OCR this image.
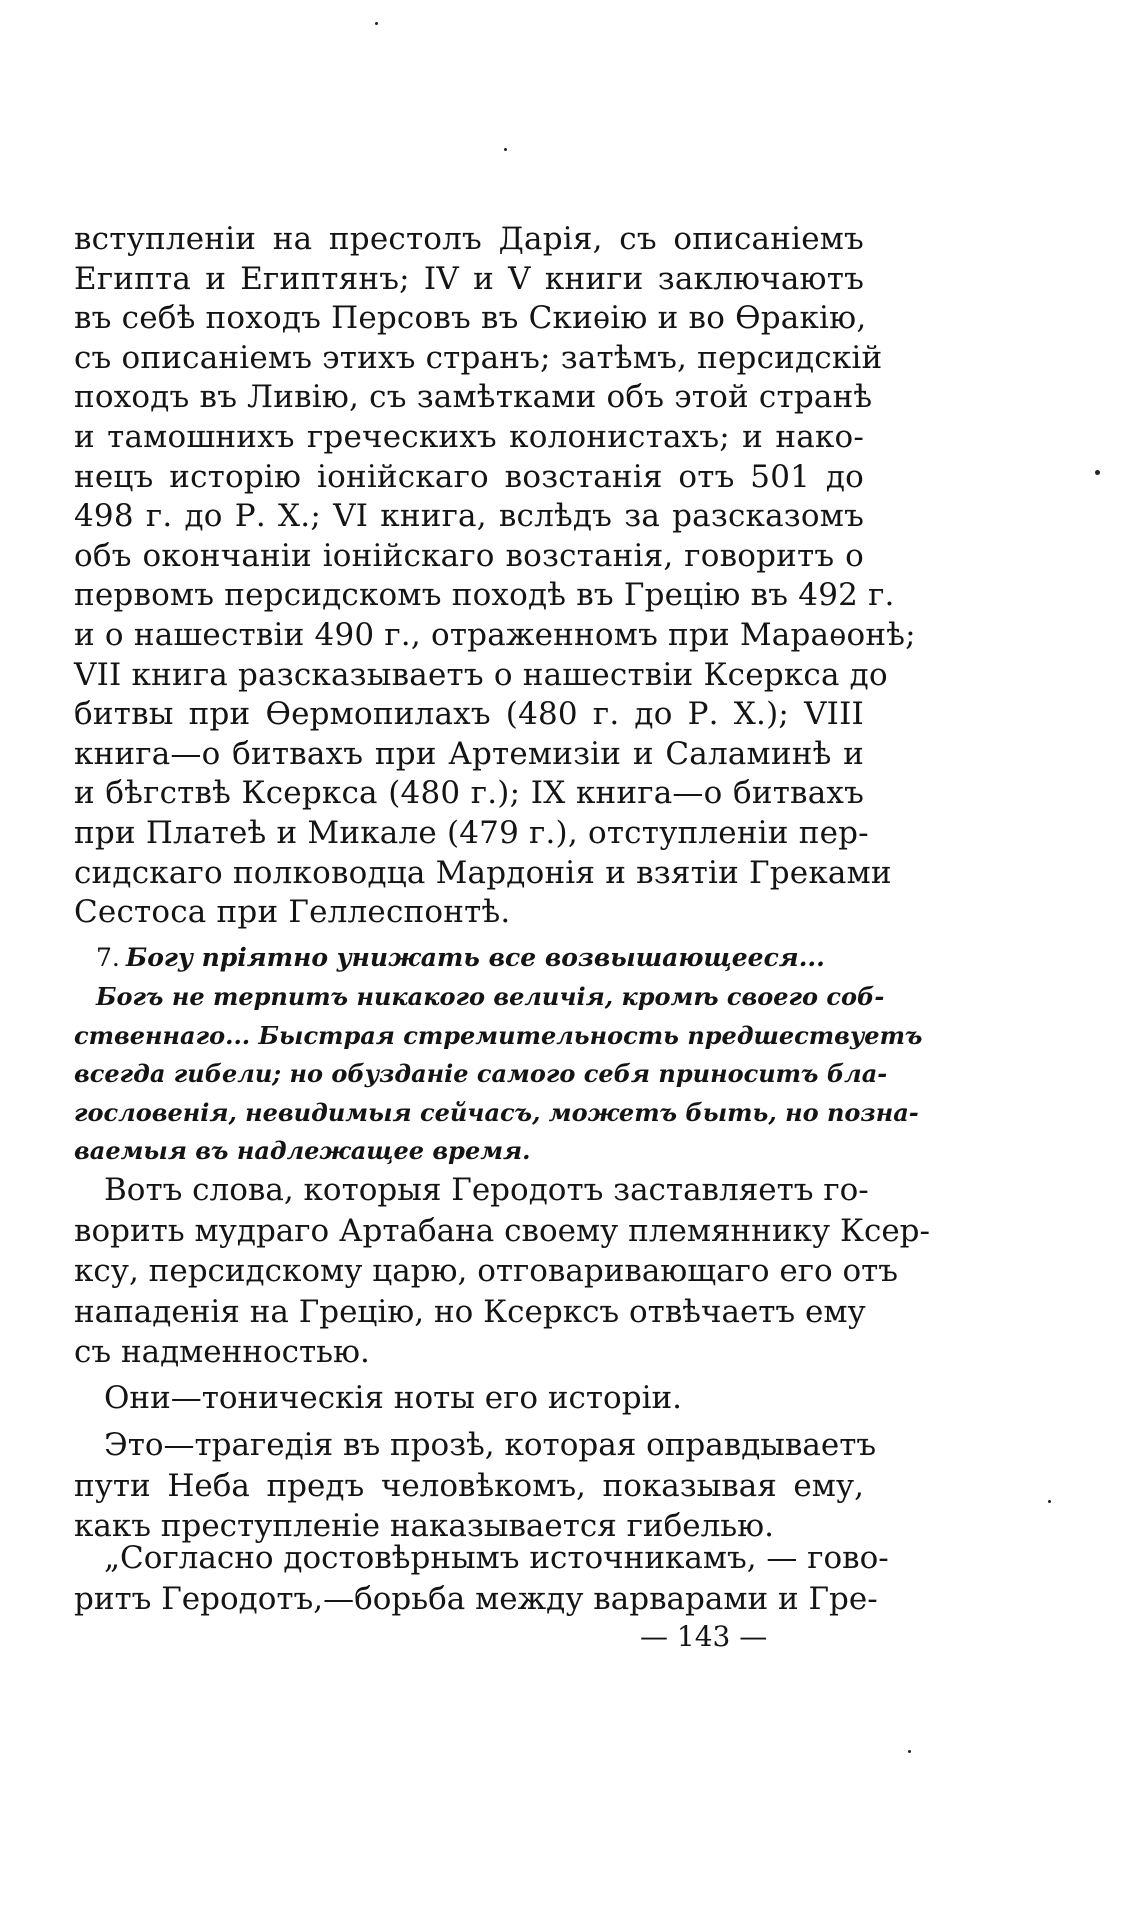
вступленіи на престолъ Дарія, съ описаніемъ
Египта и Египтянъ; IV и V книги заключаютъ
въ себѣ походъ Персовъ въ Скиѳію и во Ѳракію,
съ описаніемъ этихъ странъ; затѣмъ, персидскій
походъ въ Ливію, съ замѣтками объ этой странѣ
и тамошнихъ греческихъ колонистахъ; и нако-
нецъ исторію іонійскаго возстанія отъ 501 до
498 г. до Р. Х.; VI книга, вслѣдъ за разсказомъ
объ окончаніи іонійскаго возстанія, говоритъ о
первомъ персидскомъ походѣ въ Грецію въ 492 г.
и о нашествіи 490 г., отраженномъ при Мараѳонѣ;
VII книга разсказываетъ о нашествіи Ксеркса до
битвы при Ѳермопилахъ (480 г. до Р. Х.); VIII
книга—о битвахъ при Артемизіи и Саламинѣ и
и бѣгствѣ Ксеркса (480 г.); IX книга—о битвахъ
при Платеѣ и Микале (479 г.), отступленіи пер-
сидскаго полководца Мардонія и взятіи Греками
Сестоса при Геллеспонтѣ.
7. Богу пріятно унижать все возвышающееся...
Богъ не терпитъ никакого величія, кромѣ своего соб-
ственнаго... Быстрая стремительность предшествуетъ
всегда гибели; но обузданіе самого себя приноситъ бла-
гословенія, невидимыя сейчасъ, можетъ быть, но позна-
ваемыя въ надлежащее время.
Вотъ слова, которыя Геродотъ заставляетъ го-
ворить мудраго Артабана своему племяннику Ксер-
ксу, персидскому царю, отговаривающаго его отъ
нападенія на Грецію, но Ксерксъ отвѣчаетъ ему
съ надменностью.
Они—тоническія ноты его исторіи.
Это—трагедія въ прозѣ, которая оправдываетъ
пути Неба предъ человѣкомъ, показывая ему,
какъ преступленіе наказывается гибелью.
„Согласно достовѣрнымъ источникамъ, — гово-
ритъ Геродотъ,—борьба между варварами и Гре-
— 143 —
